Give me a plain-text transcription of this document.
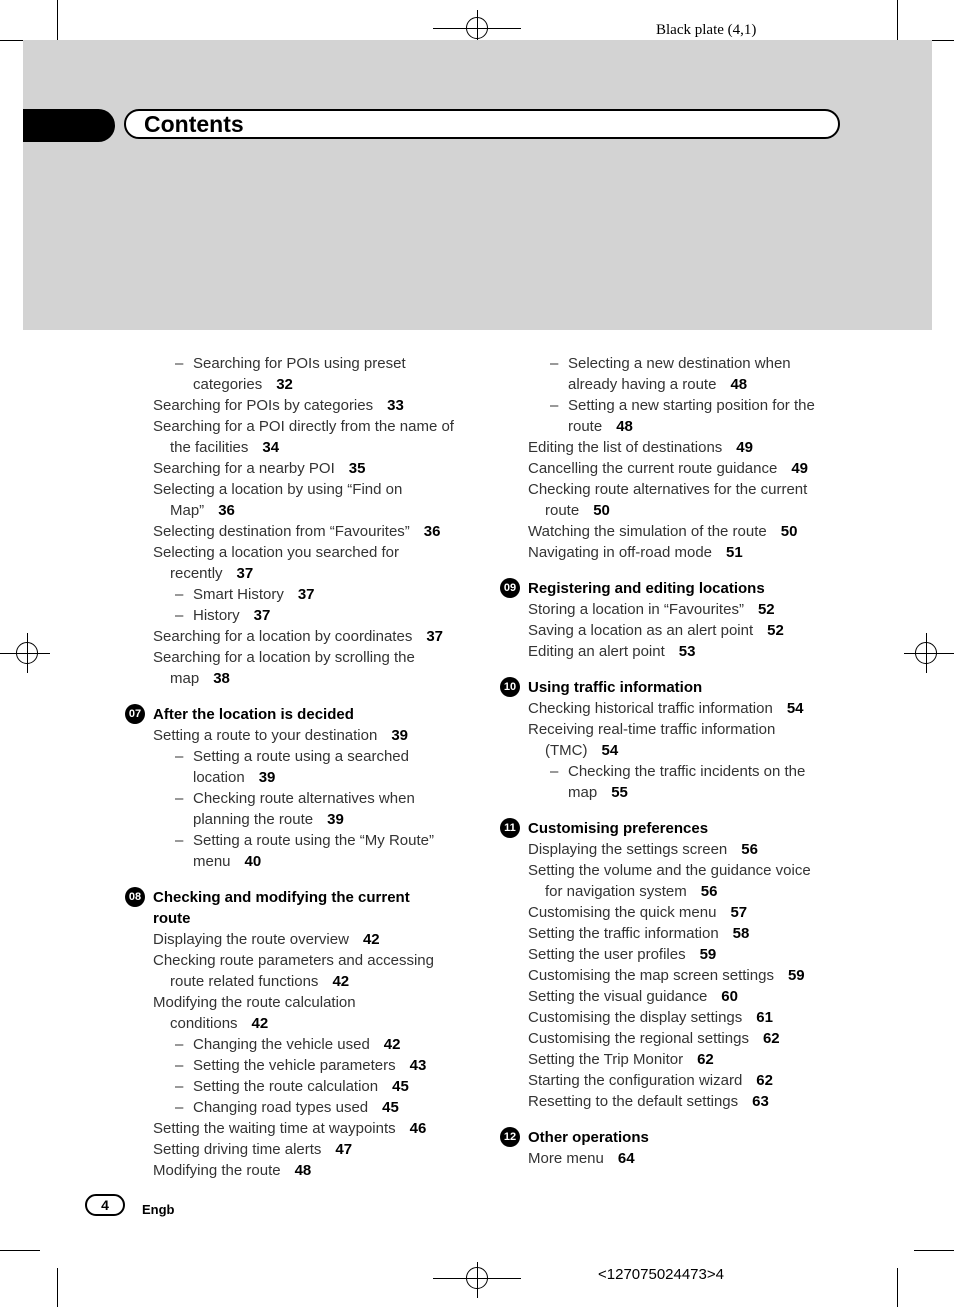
Black plate (4,1)
Contents
– Searching for POIs using preset
categories 32
Searching for POIs by categories 33
Searching for a POI directly from the name of
the facilities 34
Searching for a nearby POI 35
Selecting a location by using “Find on
Map” 36
Selecting destination from “Favourites” 36
Selecting a location you searched for
recently 37
– Smart History 37
– History 37
Searching for a location by coordinates 37
Searching for a location by scrolling the
map 38
07 After the location is decided
Setting a route to your destination 39
– Setting a route using a searched
location 39
– Checking route alternatives when
planning the route 39
– Setting a route using the “My Route”
menu 40
08 Checking and modifying the current
route
Displaying the route overview 42
Checking route parameters and accessing
route related functions 42
Modifying the route calculation
conditions 42
– Changing the vehicle used 42
– Setting the vehicle parameters 43
– Setting the route calculation 45
– Changing road types used 45
Setting the waiting time at waypoints 46
Setting driving time alerts 47
Modifying the route 48
– Selecting a new destination when
already having a route 48
– Setting a new starting position for the
route 48
Editing the list of destinations 49
Cancelling the current route guidance 49
Checking route alternatives for the current
route 50
Watching the simulation of the route 50
Navigating in off-road mode 51
09 Registering and editing locations
Storing a location in “Favourites” 52
Saving a location as an alert point 52
Editing an alert point 53
10 Using traffic information
Checking historical traffic information 54
Receiving real-time traffic information
(TMC) 54
– Checking the traffic incidents on the
map 55
11 Customising preferences
Displaying the settings screen 56
Setting the volume and the guidance voice
for navigation system 56
Customising the quick menu 57
Setting the traffic information 58
Setting the user profiles 59
Customising the map screen settings 59
Setting the visual guidance 60
Customising the display settings 61
Customising the regional settings 62
Setting the Trip Monitor 62
Starting the configuration wizard 62
Resetting to the default settings 63
12 Other operations
More menu 64
4	Engb
<127075024473>4
